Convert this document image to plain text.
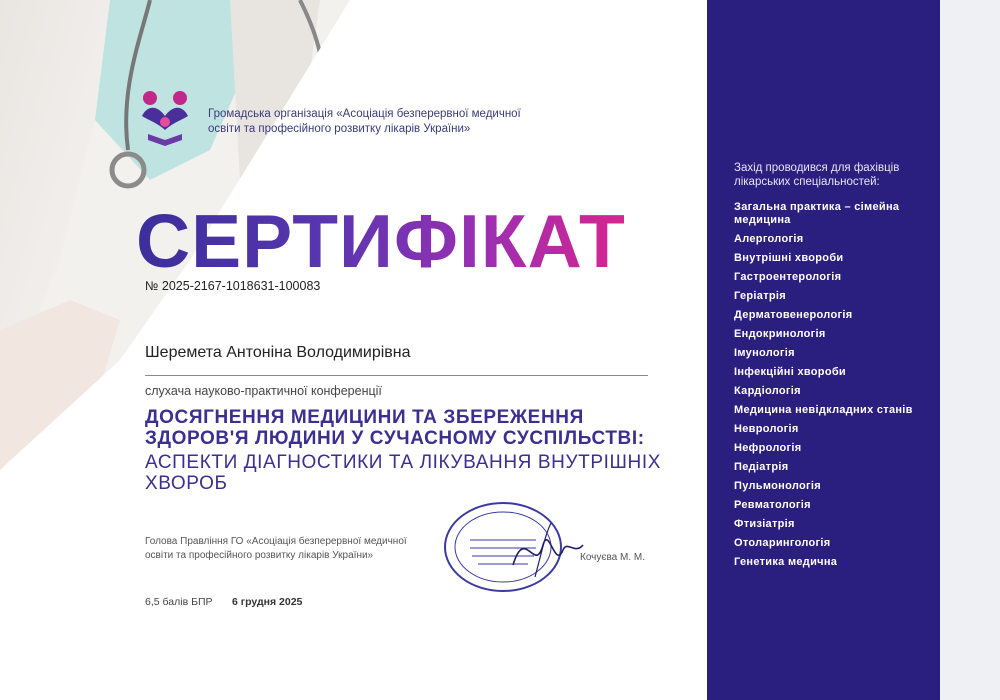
Громадська організація «Асоціація безперервної медичної освіти та професійного розвитку лікарів України»
СЕРТИФІКАТ
№ 2025-2167-1018631-100083
Шеремета Антоніна Володимирівна
слухача науково-практичної конференції
ДОСЯГНЕННЯ МЕДИЦИНИ ТА ЗБЕРЕЖЕННЯ ЗДОРОВ'Я ЛЮДИНИ У СУЧАСНОМУ СУСПІЛЬСТВІ:
АСПЕКТИ ДІАГНОСТИКИ ТА ЛІКУВАННЯ ВНУТРІШНІХ ХВОРОБ
Голова Правління ГО «Асоціація безперервної медичної освіти та професійного розвитку лікарів України»	Кочуєва М. М.
6,5 балів БПР 6 грудня 2025
Захід проводився для фахівців лікарських спеціальностей:
Загальна практика – сімейна медицина
Алергологія
Внутрішні хвороби
Гастроентерологія
Геріатрія
Дерматовенерологія
Ендокринологія
Імунологія
Інфекційні хвороби
Кардіологія
Медицина невідкладних станів
Неврологія
Нефрологія
Педіатрія
Пульмонологія
Ревматологія
Фтизіатрія
Отоларингологія
Генетика медична
